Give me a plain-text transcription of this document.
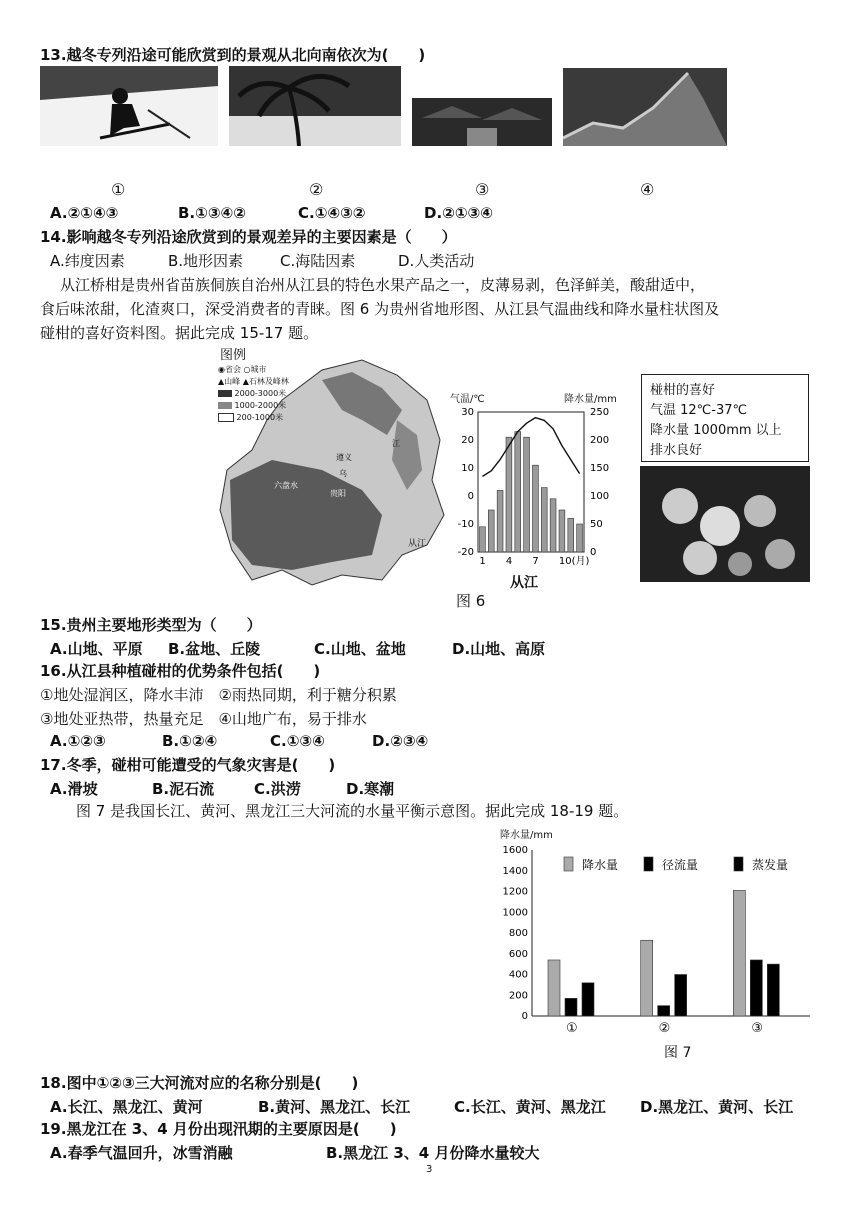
13.越冬专列沿途可能欣赏到的景观从北向南依次为(　　)
①	②	③	④
A.②①④③	B.①③④②	C.①④③②	D.②①③④
14.影响越冬专列沿途欣赏到的景观差异的主要因素是（　　）
A.纬度因素	B.地形因素 C.海陆因素	D.人类活动
从江桥柑是贵州省苗族侗族自治州从江县的特色水果产品之一，皮薄易剥，色泽鲜美，酸甜适中，
食后味浓甜，化渣爽口，深受消费者的青睐。图 6 为贵州省地形图、从江县气温曲线和降水量柱状图及
碰柑的喜好资料图。据此完成 15-17 题。
图例
◉省会 ○城市
▲山峰 ▲石林及峰林
2000-3000米
1000-2000米
200-1000米
遵义
乌
江
六盘水
贵阳
从江
气温/℃	降水量/mm
30
20
10
0
-10
-20
250
200
150
100
50
0
1 4 7 10(月)
从江
图 6
椪柑的喜好
气温 12℃-37℃
降水量 1000mm 以上
排水良好
15.贵州主要地形类型为（　　）
A.山地、平原 B.盆地、丘陵	C.山地、盆地	D.山地、高原
16.从江县种植碰柑的优势条件包括(　　)
①地处湿润区，降水丰沛　②雨热同期，利于糖分积累
③地处亚热带，热量充足　④山地广布，易于排水
A.①②③	B.①②④	C.①③④	D.②③④
17.冬季，碰柑可能遭受的气象灾害是(　　)
A.滑坡	B.泥石流	C.洪涝	D.寒潮
图 7 是我国长江、黄河、黑龙江三大河流的水量平衡示意图。据此完成 18-19 题。
降水量/mm
0
200
400
600
800
1000
1200
1400
1600
①	②	③
降水量	径流量	蒸发量
图 7
18.图中①②③三大河流对应的名称分别是(　　)
A.长江、黑龙江、黄河	B.黄河、黑龙江、长江	C.长江、黄河、黑龙江 D.黑龙江、黄河、长江
19.黑龙江在 3、4 月份出现汛期的主要原因是(　　)
A.春季气温回升，冰雪消融	B.黑龙江 3、4 月份降水量较大
3
